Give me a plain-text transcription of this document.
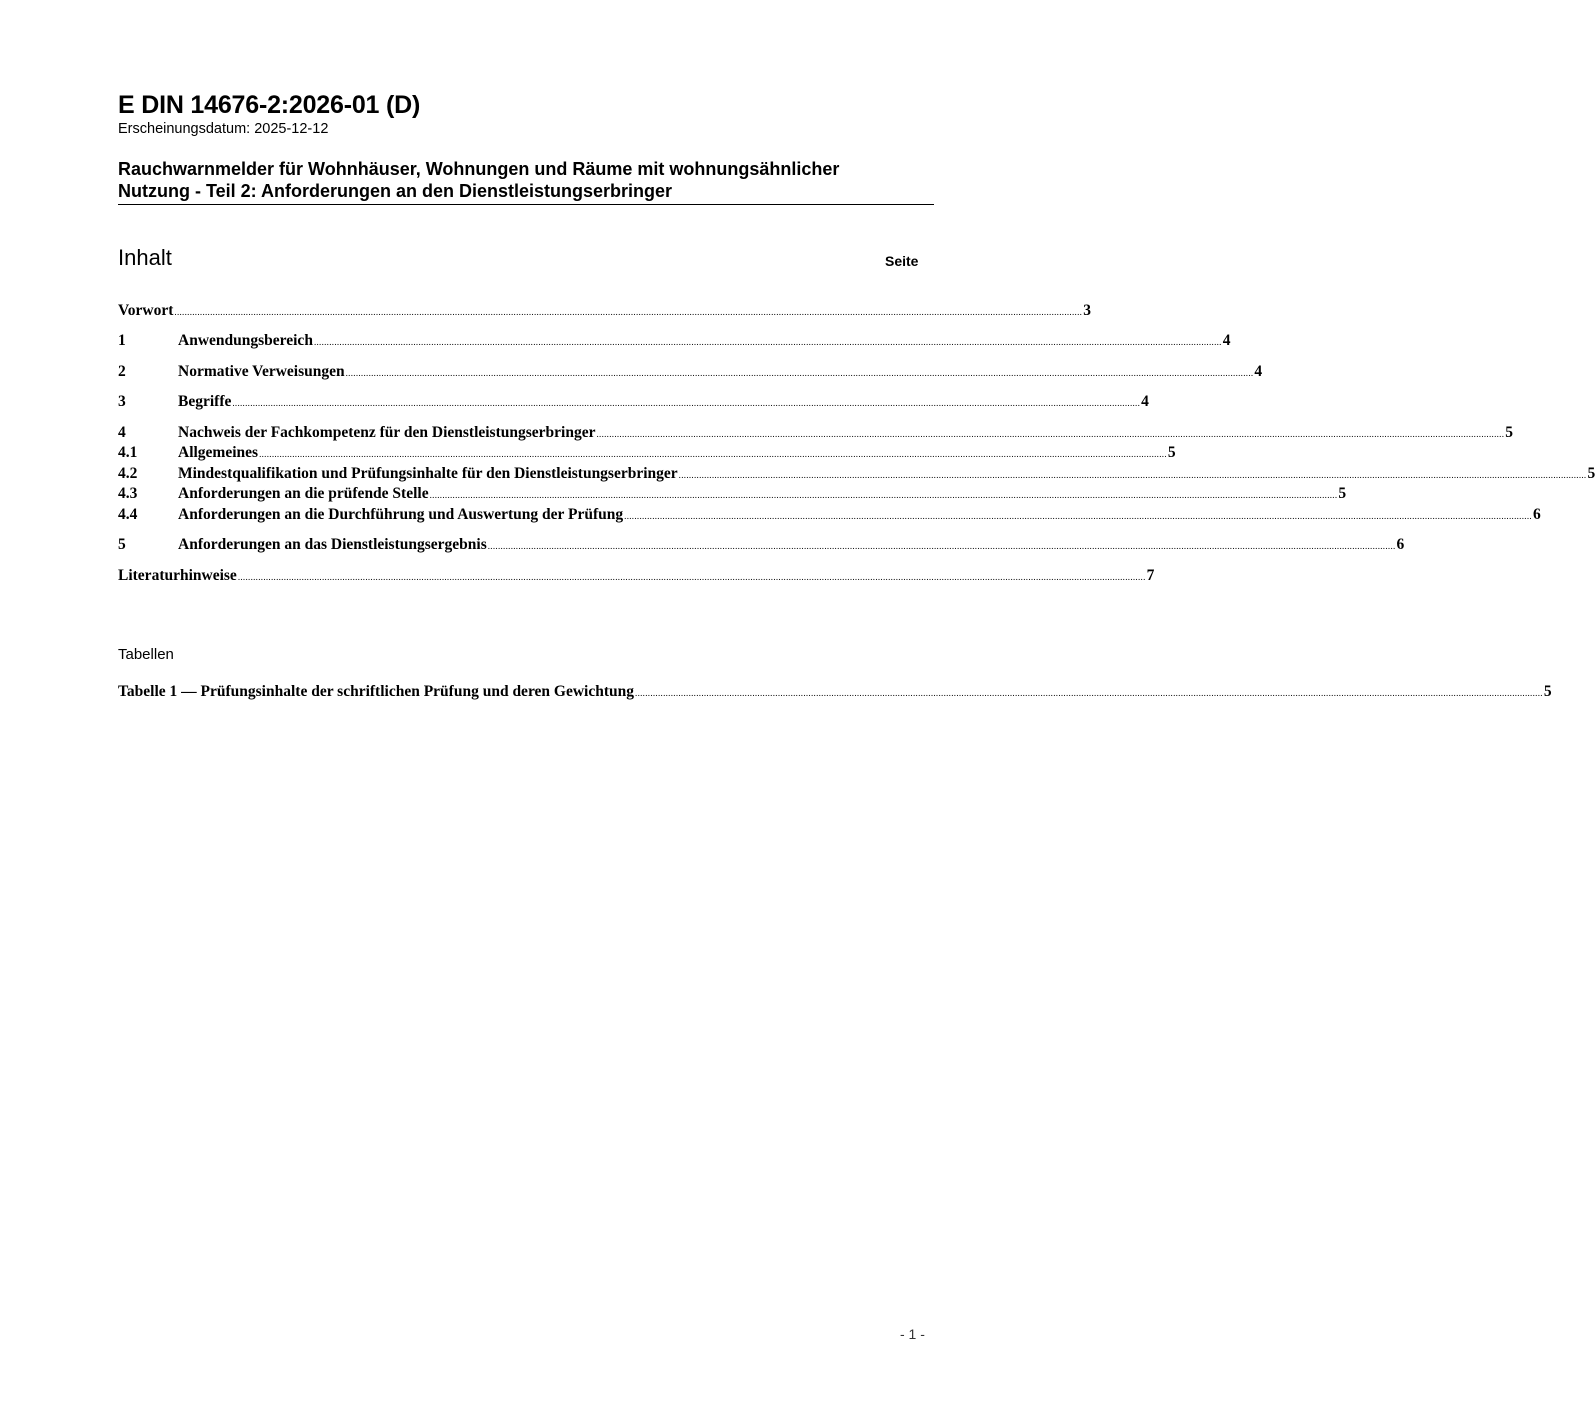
E DIN 14676-2:2026-01 (D)
Erscheinungsdatum: 2025-12-12
Rauchwarnmelder für Wohnhäuser, Wohnungen und Räume mit wohnungsähnlicher
Nutzung - Teil 2: Anforderungen an den Dienstleistungserbringer
Inhalt	Seite
Vorwort .................................................................................................................................................................................................................................................................................................................................................................... 3
1	Anwendungsbereich .................................................................................................................................................................................................................................................................................................................................................................... 4
2	Normative Verweisungen .................................................................................................................................................................................................................................................................................................................................................................... 4
3	Begriffe .................................................................................................................................................................................................................................................................................................................................................................... 4
4	Nachweis der Fachkompetenz für den Dienstleistungserbringer .................................................................................................................................................................................................................................................................................................................................................................... 5
4.1	Allgemeines .................................................................................................................................................................................................................................................................................................................................................................... 5
4.2	Mindestqualifikation und Prüfungsinhalte für den Dienstleistungserbringer .................................................................................................................................................................................................................................................................................................................................................................... 5
4.3	Anforderungen an die prüfende Stelle .................................................................................................................................................................................................................................................................................................................................................................... 5
4.4	Anforderungen an die Durchführung und Auswertung der Prüfung .................................................................................................................................................................................................................................................................................................................................................................... 6
5	Anforderungen an das Dienstleistungsergebnis .................................................................................................................................................................................................................................................................................................................................................................... 6
Literaturhinweise .................................................................................................................................................................................................................................................................................................................................................................... 7
Tabellen
Tabelle 1 — Prüfungsinhalte der schriftlichen Prüfung und deren Gewichtung .................................................................................................................................................................................................................................................................................................................................................................... 5
- 1 -
